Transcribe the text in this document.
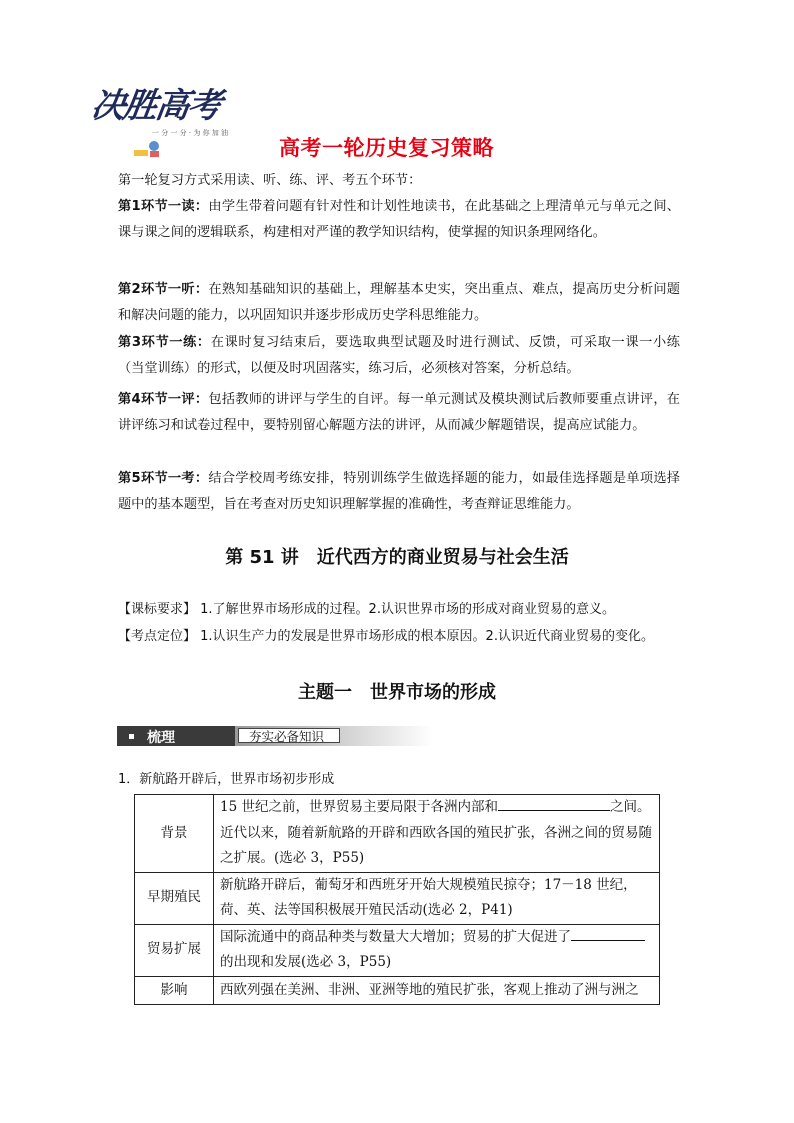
决胜高考
一 分 一 分 · 为 你 加 油
高考一轮历史复习策略
第一轮复习方式采用读、听、练、评、考五个环节：
第1环节一读：由学生带着问题有针对性和计划性地读书，在此基础之上理清单元与单元之间、课与课之间的逻辑联系，构建相对严谨的教学知识结构，使掌握的知识条理网络化。
第2环节一听：在熟知基础知识的基础上，理解基本史实，突出重点、难点，提高历史分析问题和解决问题的能力，以巩固知识并逐步形成历史学科思维能力。
第3环节一练：在课时复习结束后，要选取典型试题及时进行测试、反馈，可采取一课一小练（当堂训练）的形式，以便及时巩固落实，练习后，必须核对答案，分析总结。
第4环节一评：包括教师的讲评与学生的自评。每一单元测试及模块测试后教师要重点讲评，在讲评练习和试卷过程中，要特别留心解题方法的讲评，从而减少解题错误，提高应试能力。
第5环节一考：结合学校周考练安排，特别训练学生做选择题的能力，如最佳选择题是单项选择题中的基本题型，旨在考查对历史知识理解掌握的准确性，考查辩证思维能力。
第 51 讲　近代西方的商业贸易与社会生活
【课标要求】 1.了解世界市场形成的过程。2.认识世界市场的形成对商业贸易的意义。
【考点定位】 1.认识生产力的发展是世界市场形成的根本原因。2.认识近代商业贸易的变化。
主题一　世界市场的形成
梳理	夯实必备知识
1．新航路开辟后，世界市场初步形成
背景	15 世纪之前，世界贸易主要局限于各洲内部和 之间。
近代以来，随着新航路的开辟和西欧各国的殖民扩张，各洲之间的贸易随之扩展。(选必 3，P55)
早期殖民	新航路开辟后，葡萄牙和西班牙开始大规模殖民掠夺；17－18 世纪，荷、英、法等国积极展开殖民活动(选必 2，P41)
贸易扩展	国际流通中的商品种类与数量大大增加；贸易的扩大促进了
的出现和发展(选必 3，P55)
影响	西欧列强在美洲、非洲、亚洲等地的殖民扩张，客观上推动了洲与洲之
